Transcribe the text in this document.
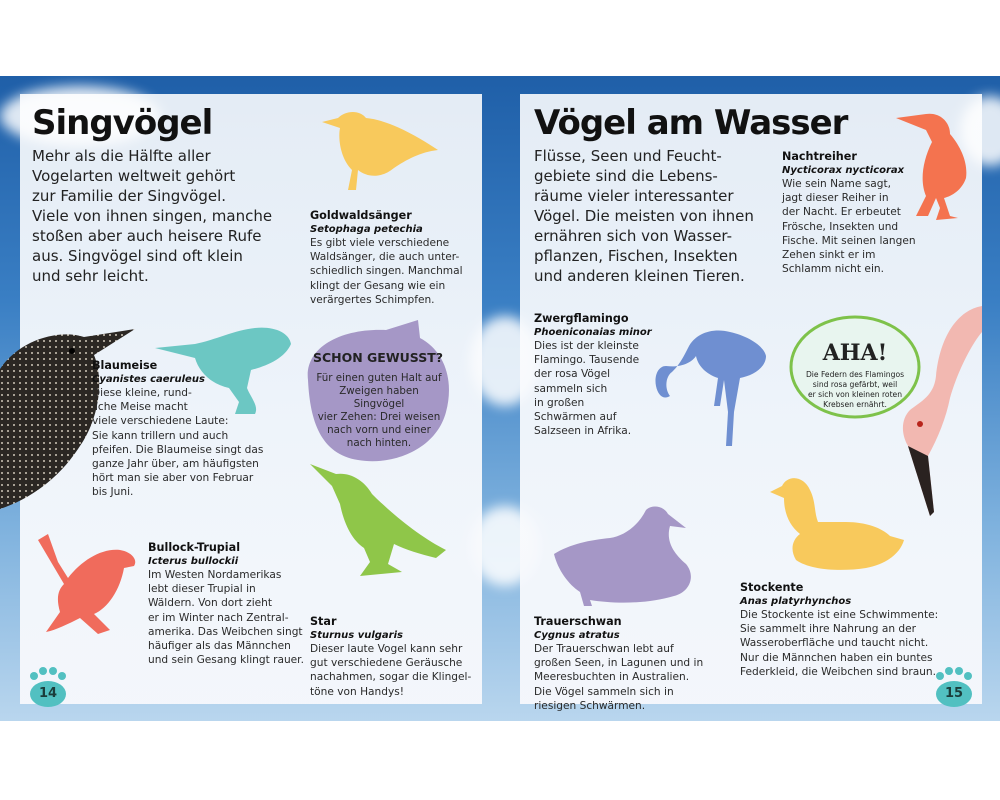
Singvögel

Mehr als die Hälfte aller
Vogelarten weltweit gehört
zur Familie der Singvögel.
Viele von ihnen singen, manche
stoßen aber auch heisere Rufe
aus. Singvögel sind oft klein
und sehr leicht.

Goldwaldsänger
Setophaga petechia
Es gibt viele verschiedene
Waldsänger, die auch unter-
schiedlich singen. Manchmal
klingt der Gesang wie ein
verärgertes Schimpfen.
Blaumeise
Cyanistes caeruleus
Diese kleine, rund-
liche Meise macht
viele verschiedene Laute:
Sie kann trillern und auch
pfeifen. Die Blaumeise singt das
ganze Jahr über, am häufigsten
hört man sie aber von Februar
bis Juni.
SCHON GEWUSST?
Für einen guten Halt auf
Zweigen haben Singvögel
vier Zehen: Drei weisen
nach vorn und einer
nach hinten.
Bullock-Trupial
Icterus bullockii
Im Westen Nordamerikas
lebt dieser Trupial in
Wäldern. Von dort zieht
er im Winter nach Zentral-
amerika. Das Weibchen singt
häufiger als das Männchen
und sein Gesang klingt rauer.
Star
Sturnus vulgaris
Dieser laute Vogel kann sehr
gut verschiedene Geräusche
nachahmen, sogar die Klingel-
töne von Handys!
14
Vögel am Wasser

Flüsse, Seen und Feucht-
gebiete sind die Lebens-
räume vieler interessanter
Vögel. Die meisten von ihnen
ernähren sich von Wasser-
pflanzen, Fischen, Insekten
und anderen kleinen Tieren.

Nachtreiher
Nycticorax nycticorax
Wie sein Name sagt,
jagt dieser Reiher in
der Nacht. Er erbeutet
Frösche, Insekten und
Fische. Mit seinen langen
Zehen sinkt er im
Schlamm nicht ein.
Zwergflamingo
Phoeniconaias minor
Dies ist der kleinste
Flamingo. Tausende
der rosa Vögel
sammeln sich
in großen
Schwärmen auf
Salzseen in Afrika.
AHA!
Die Federn des Flamingos
sind rosa gefärbt, weil
er sich von kleinen roten
Krebsen ernährt.
Trauerschwan
Cygnus atratus
Der Trauerschwan lebt auf
großen Seen, in Lagunen und in
Meeresbuchten in Australien.
Die Vögel sammeln sich in
riesigen Schwärmen.
Stockente
Anas platyrhynchos
Die Stockente ist eine Schwimmente:
Sie sammelt ihre Nahrung an der
Wasseroberfläche und taucht nicht.
Nur die Männchen haben ein buntes
Federkleid, die Weibchen sind braun.
15
